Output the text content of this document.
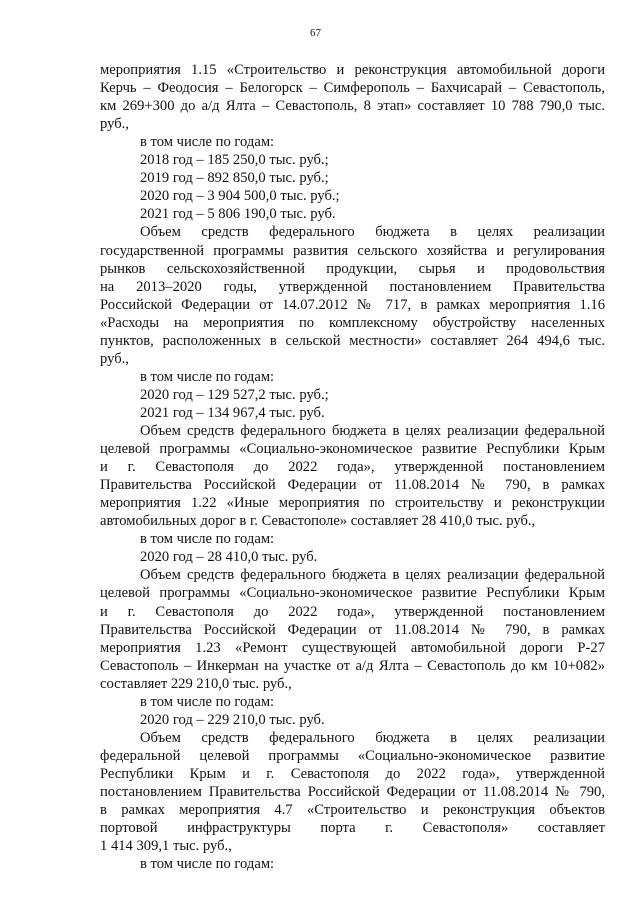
67
мероприятия 1.15 «Строительство и реконструкция автомобильной дороги
Керчь – Феодосия – Белогорск – Симферополь – Бахчисарай – Севастополь,
км 269+300 до а/д Ялта – Севастополь, 8 этап» составляет 10 788 790,0 тыс.
руб.,
в том числе по годам:
2018 год – 185 250,0 тыс. руб.;
2019 год – 892 850,0 тыс. руб.;
2020 год – 3 904 500,0 тыс. руб.;
2021 год – 5 806 190,0 тыс. руб.
Объем средств федерального бюджета в целях реализации
государственной программы развития сельского хозяйства и регулирования
рынков сельскохозяйственной продукции, сырья и продовольствия
на 2013–2020 годы, утвержденной постановлением Правительства
Российской Федерации от 14.07.2012 № 717, в рамках мероприятия 1.16
«Расходы на мероприятия по комплексному обустройству населенных
пунктов, расположенных в сельской местности» составляет 264 494,6 тыс.
руб.,
в том числе по годам:
2020 год – 129 527,2 тыс. руб.;
2021 год – 134 967,4 тыс. руб.
Объем средств федерального бюджета в целях реализации федеральной
целевой программы «Социально-экономическое развитие Республики Крым
и г. Севастополя до 2022 года», утвержденной постановлением
Правительства Российской Федерации от 11.08.2014 № 790, в рамках
мероприятия 1.22 «Иные мероприятия по строительству и реконструкции
автомобильных дорог в г. Севастополе» составляет 28 410,0 тыс. руб.,
в том числе по годам:
2020 год – 28 410,0 тыс. руб.
Объем средств федерального бюджета в целях реализации федеральной
целевой программы «Социально-экономическое развитие Республики Крым
и г. Севастополя до 2022 года», утвержденной постановлением
Правительства Российской Федерации от 11.08.2014 № 790, в рамках
мероприятия 1.23 «Ремонт существующей автомобильной дороги Р-27
Севастополь – Инкерман на участке от а/д Ялта – Севастополь до км 10+082»
составляет 229 210,0 тыс. руб.,
в том числе по годам:
2020 год – 229 210,0 тыс. руб.
Объем средств федерального бюджета в целях реализации
федеральной целевой программы «Социально-экономическое развитие
Республики Крым и г. Севастополя до 2022 года», утвержденной
постановлением Правительства Российской Федерации от 11.08.2014 № 790,
в рамках мероприятия 4.7 «Строительство и реконструкция объектов
портовой инфраструктуры порта г. Севастополя» составляет
1 414 309,1 тыс. руб.,
в том числе по годам:
